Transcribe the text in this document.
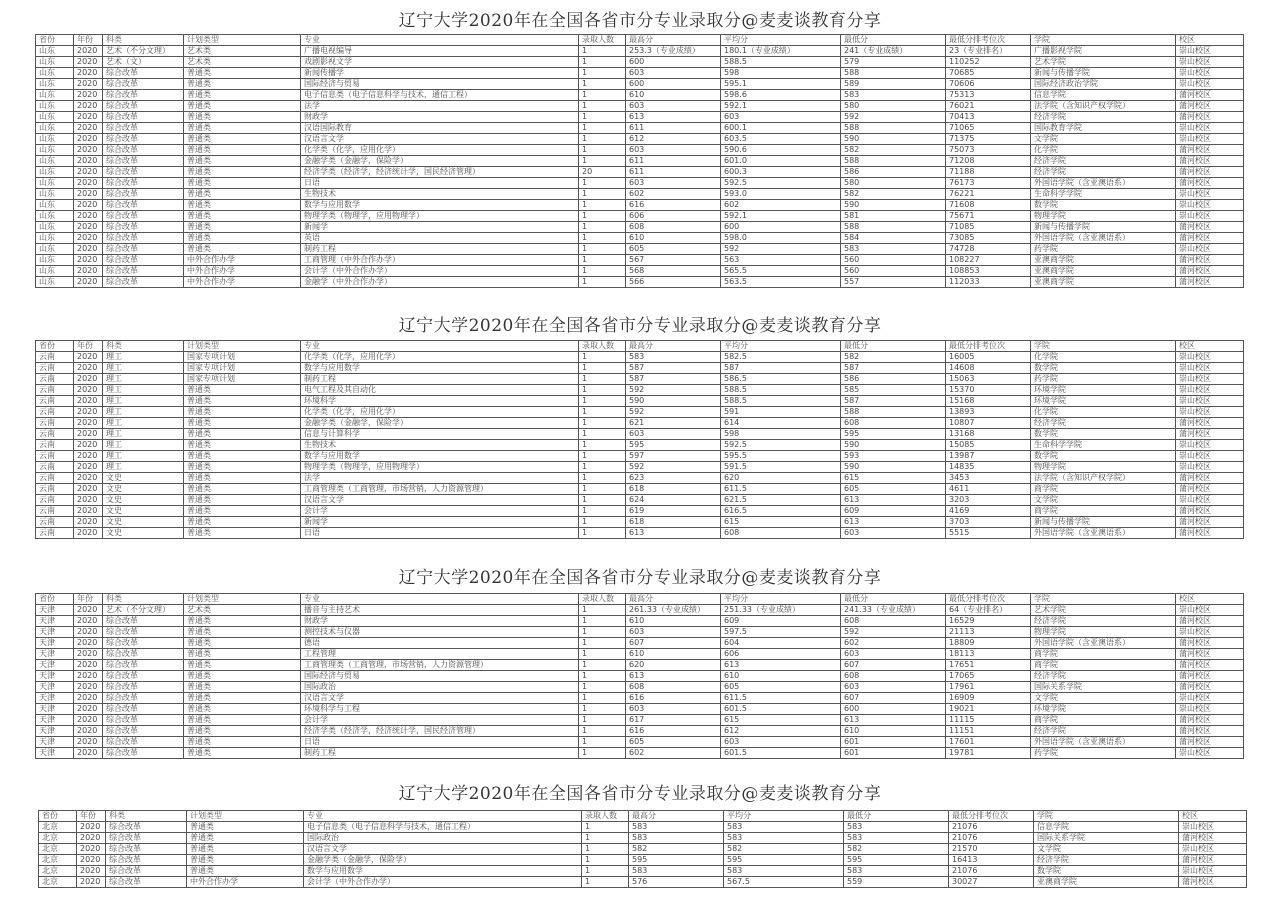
辽宁大学2020年在全国各省市分专业录取分@麦麦谈教育分享
辽宁大学2020年在全国各省市分专业录取分@麦麦谈教育分享
辽宁大学2020年在全国各省市分专业录取分@麦麦谈教育分享
辽宁大学2020年在全国各省市分专业录取分@麦麦谈教育分享
省份	年份	科类	计划类型	专业	录取人数	最高分	平均分	最低分	最低分排考位次	学院	校区
山东	2020	艺术（不分文理）	艺术类	广播电视编导	1	253.3（专业成绩）	180.1（专业成绩）	241（专业成绩）	23（专业排名）	广播影视学院	崇山校区
山东	2020	艺术（文）	艺术类	戏剧影视文学	1	600	588.5	579	110252	艺术学院	崇山校区
山东	2020	综合改革	普通类	新闻传播学	1	603	598	588	70685	新闻与传播学院	崇山校区
山东	2020	综合改革	普通类	国际经济与贸易	1	600	595.1	589	70606	国际经济政治学院	崇山校区
山东	2020	综合改革	普通类	电子信息类（电子信息科学与技术，通信工程）	1	610	598.6	583	75313	信息学院	蒲河校区
山东	2020	综合改革	普通类	法学	1	603	592.1	580	76021	法学院（含知识产权学院）	蒲河校区
山东	2020	综合改革	普通类	财政学	1	613	603	592	70413	经济学院	蒲河校区
山东	2020	综合改革	普通类	汉语国际教育	1	611	600.1	588	71065	国际教育学院	崇山校区
山东	2020	综合改革	普通类	汉语言文学	1	612	603.5	590	71375	文学院	崇山校区
山东	2020	综合改革	普通类	化学类（化学，应用化学）	1	603	590.6	582	75073	化学院	蒲河校区
山东	2020	综合改革	普通类	金融学类（金融学，保险学）	1	611	601.0	588	71208	经济学院	蒲河校区
山东	2020	综合改革	普通类	经济学类（经济学，经济统计学，国民经济管理）	20	611	600.3	586	71188	经济学院	蒲河校区
山东	2020	综合改革	普通类	日语	1	603	592.5	580	76173	外国语学院（含亚澳语系）	蒲河校区
山东	2020	综合改革	普通类	生物技术	1	602	593.0	582	76221	生命科学学院	崇山校区
山东	2020	综合改革	普通类	数学与应用数学	1	616	602	590	71608	数学院	崇山校区
山东	2020	综合改革	普通类	物理学类（物理学，应用物理学）	1	606	592.1	581	75671	物理学院	崇山校区
山东	2020	综合改革	普通类	新闻学	1	608	600	588	71085	新闻与传播学院	蒲河校区
山东	2020	综合改革	普通类	英语	1	610	598.0	584	73085	外国语学院（含亚澳语系）	蒲河校区
山东	2020	综合改革	普通类	制药工程	1	605	592	583	74728	药学院	崇山校区
山东	2020	综合改革	中外合作办学	工商管理（中外合作办学）	1	567	563	560	108227	亚澳商学院	蒲河校区
山东	2020	综合改革	中外合作办学	会计学（中外合作办学）	1	568	565.5	560	108853	亚澳商学院	蒲河校区
山东	2020	综合改革	中外合作办学	金融学（中外合作办学）	1	566	563.5	557	112033	亚澳商学院	蒲河校区
省份	年份	科类	计划类型	专业	录取人数	最高分	平均分	最低分	最低分排考位次	学院	校区
云南	2020	理工	国家专项计划	化学类（化学，应用化学）	1	583	582.5	582	16005	化学院	崇山校区
云南	2020	理工	国家专项计划	数学与应用数学	1	587	587	587	14608	数学院	崇山校区
云南	2020	理工	国家专项计划	制药工程	1	587	586.5	586	15063	药学院	崇山校区
云南	2020	理工	普通类	电气工程及其自动化	1	592	588.5	585	15370	环境学院	崇山校区
云南	2020	理工	普通类	环境科学	1	590	588.5	587	15168	环境学院	崇山校区
云南	2020	理工	普通类	化学类（化学，应用化学）	1	592	591	588	13893	化学院	崇山校区
云南	2020	理工	普通类	金融学类（金融学，保险学）	1	621	614	608	10807	经济学院	蒲河校区
云南	2020	理工	普通类	信息与计算科学	1	603	598	595	13168	数学院	蒲河校区
云南	2020	理工	普通类	生物技术	1	595	592.5	590	15085	生命科学学院	崇山校区
云南	2020	理工	普通类	数学与应用数学	1	597	595.5	593	13987	数学院	崇山校区
云南	2020	理工	普通类	物理学类（物理学，应用物理学）	1	592	591.5	590	14835	物理学院	崇山校区
云南	2020	文史	普通类	法学	1	623	620	615	3453	法学院（含知识产权学院）	蒲河校区
云南	2020	文史	普通类	工商管理类（工商管理，市场营销，人力资源管理）	1	618	611.5	605	4611	商学院	蒲河校区
云南	2020	文史	普通类	汉语言文学	1	624	621.5	613	3203	文学院	崇山校区
云南	2020	文史	普通类	会计学	1	619	616.5	609	4169	商学院	蒲河校区
云南	2020	文史	普通类	新闻学	1	618	615	613	3703	新闻与传播学院	蒲河校区
云南	2020	文史	普通类	日语	1	613	608	603	5515	外国语学院（含亚澳语系）	蒲河校区
省份	年份	科类	计划类型	专业	录取人数	最高分	平均分	最低分	最低分排考位次	学院	校区
天津	2020	艺术（不分文理）	艺术类	播音与主持艺术	1	261.33（专业成绩）	251.33（专业成绩）	241.33（专业成绩）	64（专业排名）	艺术学院	崇山校区
天津	2020	综合改革	普通类	财政学	1	610	609	608	16529	经济学院	蒲河校区
天津	2020	综合改革	普通类	测控技术与仪器	1	603	597.5	592	21113	物理学院	崇山校区
天津	2020	综合改革	普通类	德语	1	607	604	602	18809	外国语学院（含亚澳语系）	蒲河校区
天津	2020	综合改革	普通类	工程管理	1	610	606	603	18113	商学院	蒲河校区
天津	2020	综合改革	普通类	工商管理类（工商管理，市场营销，人力资源管理）	1	620	613	607	17651	商学院	蒲河校区
天津	2020	综合改革	普通类	国际经济与贸易	1	613	610	608	17065	经济学院	蒲河校区
天津	2020	综合改革	普通类	国际政治	1	608	605	603	17961	国际关系学院	蒲河校区
天津	2020	综合改革	普通类	汉语言文学	1	616	611.5	607	16909	文学院	崇山校区
天津	2020	综合改革	普通类	环境科学与工程	1	603	601.5	600	19021	环境学院	崇山校区
天津	2020	综合改革	普通类	会计学	1	617	615	613	11115	商学院	蒲河校区
天津	2020	综合改革	普通类	经济学类（经济学，经济统计学，国民经济管理）	1	616	612	610	11151	经济学院	蒲河校区
天津	2020	综合改革	普通类	日语	1	605	603	601	17601	外国语学院（含亚澳语系）	蒲河校区
天津	2020	综合改革	普通类	制药工程	1	602	601.5	601	19781	药学院	崇山校区
省份	年份	科类	计划类型	专业	录取人数	最高分	平均分	最低分	最低分排考位次	学院	校区
北京	2020	综合改革	普通类	电子信息类（电子信息科学与技术，通信工程）	1	583	583	583	21076	信息学院	崇山校区
北京	2020	综合改革	普通类	国际政治	1	583	583	583	21076	国际关系学院	蒲河校区
北京	2020	综合改革	普通类	汉语言文学	1	582	582	582	21570	文学院	崇山校区
北京	2020	综合改革	普通类	金融学类（金融学，保险学）	1	595	595	595	16413	经济学院	蒲河校区
北京	2020	综合改革	普通类	数学与应用数学	1	583	583	583	21076	数学院	崇山校区
北京	2020	综合改革	中外合作办学	会计学（中外合作办学）	1	576	567.5	559	30027	亚澳商学院	蒲河校区
